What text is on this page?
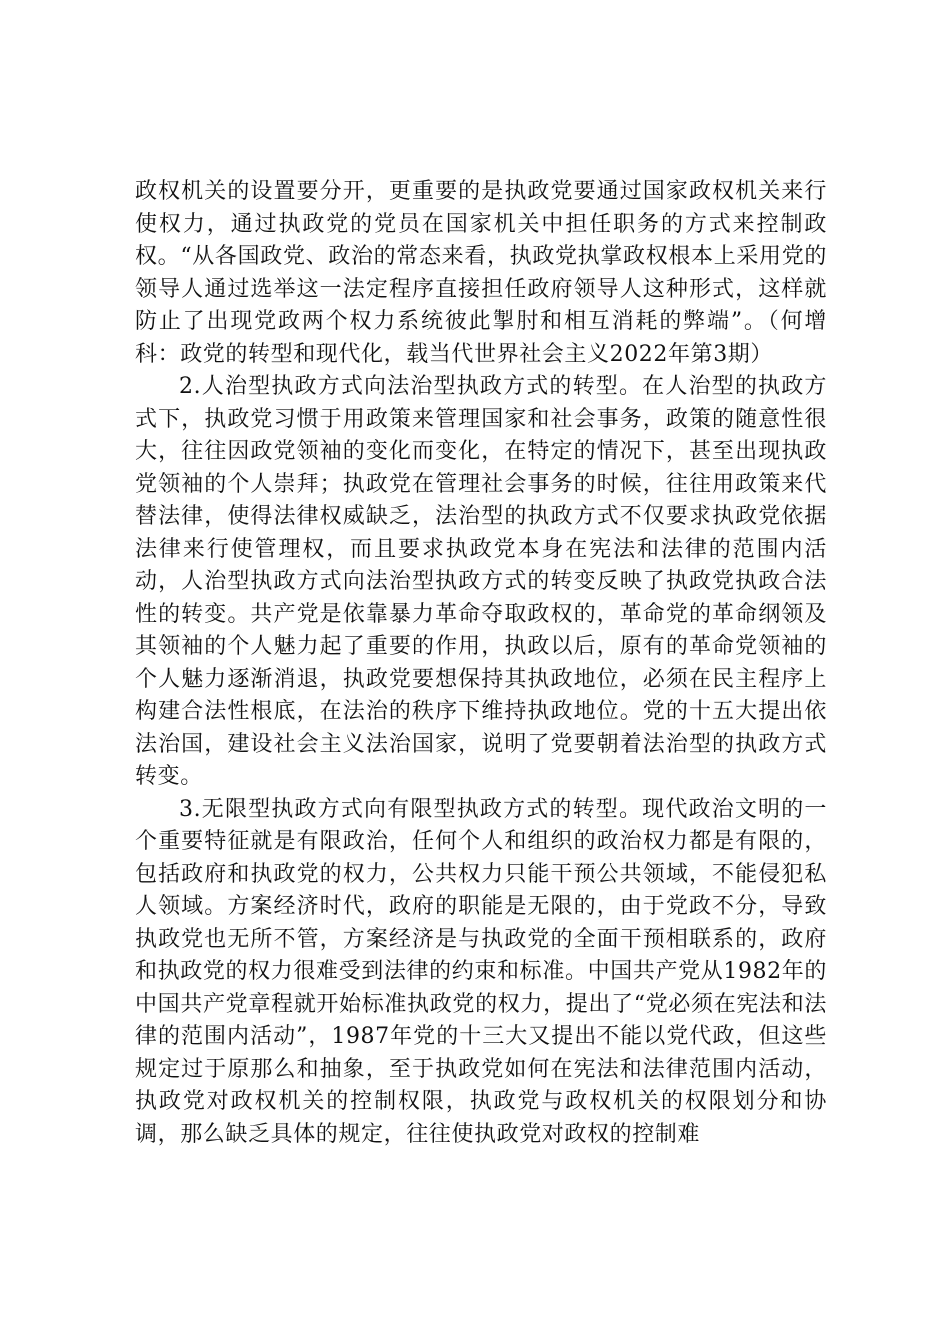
政权机关的设置要分开，更重要的是执政党要通过国家政权机关来行使权力，通过执政党的党员在国家机关中担任职务的方式来控制政权。“从各国政党、政治的常态来看，执政党执掌政权根本上采用党的领导人通过选举这一法定程序直接担任政府领导人这种形式，这样就防止了出现党政两个权力系统彼此掣肘和相互消耗的弊端”。（何增科：政党的转型和现代化，载当代世界社会主义2022年第3期）

2.人治型执政方式向法治型执政方式的转型。在人治型的执政方式下，执政党习惯于用政策来管理国家和社会事务，政策的随意性很大，往往因政党领袖的变化而变化，在特定的情况下，甚至出现执政党领袖的个人崇拜；执政党在管理社会事务的时候，往往用政策来代替法律，使得法律权威缺乏，法治型的执政方式不仅要求执政党依据法律来行使管理权，而且要求执政党本身在宪法和法律的范围内活动，人治型执政方式向法治型执政方式的转变反映了执政党执政合法性的转变。共产党是依靠暴力革命夺取政权的，革命党的革命纲领及其领袖的个人魅力起了重要的作用，执政以后，原有的革命党领袖的个人魅力逐渐消退，执政党要想保持其执政地位，必须在民主程序上构建合法性根底，在法治的秩序下维持执政地位。党的十五大提出依法治国，建设社会主义法治国家，说明了党要朝着法治型的执政方式转变。

3.无限型执政方式向有限型执政方式的转型。现代政治文明的一个重要特征就是有限政治，任何个人和组织的政治权力都是有限的，包括政府和执政党的权力，公共权力只能干预公共领域，不能侵犯私人领域。方案经济时代，政府的职能是无限的，由于党政不分，导致执政党也无所不管，方案经济是与执政党的全面干预相联系的，政府和执政党的权力很难受到法律的约束和标准。中国共产党从1982年的中国共产党章程就开始标准执政党的权力，提出了“党必须在宪法和法律的范围内活动”，1987年党的十三大又提出不能以党代政，但这些规定过于原那么和抽象，至于执政党如何在宪法和法律范围内活动，执政党对政权机关的控制权限，执政党与政权机关的权限划分和协调，那么缺乏具体的规定，往往使执政党对政权的控制难
